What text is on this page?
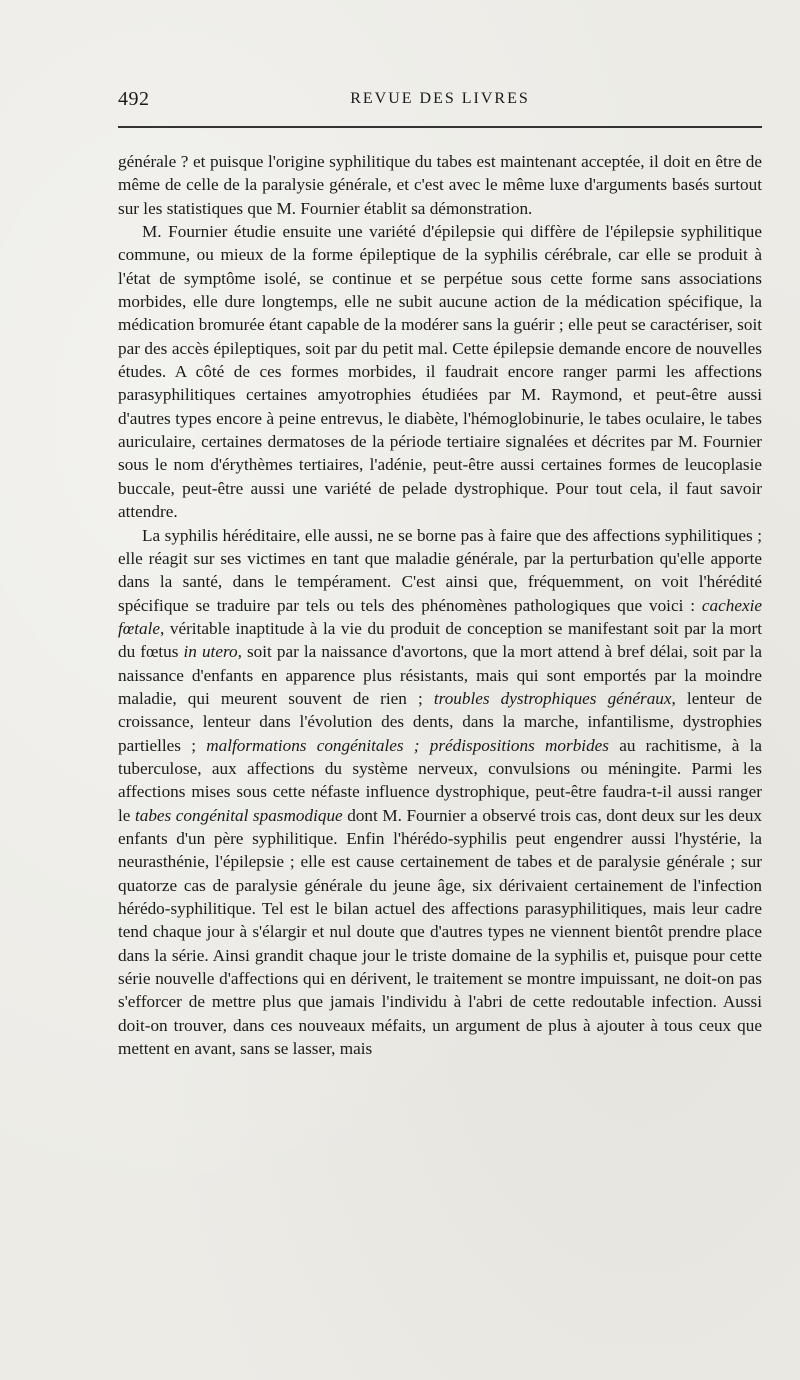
492	REVUE DES LIVRES

générale ? et puisque l'origine syphilitique du tabes est maintenant acceptée, il doit en être de même de celle de la paralysie générale, et c'est avec le même luxe d'arguments basés surtout sur les statistiques que M. Fournier établit sa démonstration.

M. Fournier étudie ensuite une variété d'épilepsie qui diffère de l'épilepsie syphilitique commune, ou mieux de la forme épileptique de la syphilis cérébrale, car elle se produit à l'état de symptôme isolé, se continue et se perpétue sous cette forme sans associations morbides, elle dure longtemps, elle ne subit aucune action de la médication spécifique, la médication bromurée étant capable de la modérer sans la guérir ; elle peut se caractériser, soit par des accès épileptiques, soit par du petit mal. Cette épilepsie demande encore de nouvelles études. A côté de ces formes morbides, il faudrait encore ranger parmi les affections parasyphilitiques certaines amyotrophies étudiées par M. Raymond, et peut-être aussi d'autres types encore à peine entrevus, le diabète, l'hémoglobinurie, le tabes oculaire, le tabes auriculaire, certaines dermatoses de la période tertiaire signalées et décrites par M. Fournier sous le nom d'érythèmes tertiaires, l'adénie, peut-être aussi certaines formes de leucoplasie buccale, peut-être aussi une variété de pelade dystrophique. Pour tout cela, il faut savoir attendre.

La syphilis héréditaire, elle aussi, ne se borne pas à faire que des affections syphilitiques ; elle réagit sur ses victimes en tant que maladie générale, par la perturbation qu'elle apporte dans la santé, dans le tempérament. C'est ainsi que, fréquemment, on voit l'hérédité spécifique se traduire par tels ou tels des phénomènes pathologiques que voici : cachexie fœtale, véritable inaptitude à la vie du produit de conception se manifestant soit par la mort du fœtus in utero, soit par la naissance d'avortons, que la mort attend à bref délai, soit par la naissance d'enfants en apparence plus résistants, mais qui sont emportés par la moindre maladie, qui meurent souvent de rien ; troubles dystrophiques généraux, lenteur de croissance, lenteur dans l'évolution des dents, dans la marche, infantilisme, dystrophies partielles ; malformations congénitales ; prédispositions morbides au rachitisme, à la tuberculose, aux affections du système nerveux, convulsions ou méningite. Parmi les affections mises sous cette néfaste influence dystrophique, peut-être faudra-t-il aussi ranger le tabes congénital spasmodique dont M. Fournier a observé trois cas, dont deux sur les deux enfants d'un père syphilitique. Enfin l'hérédo-syphilis peut engendrer aussi l'hystérie, la neurasthénie, l'épilepsie ; elle est cause certainement de tabes et de paralysie générale ; sur quatorze cas de paralysie générale du jeune âge, six dérivaient certainement de l'infection hérédo-syphilitique. Tel est le bilan actuel des affections parasyphilitiques, mais leur cadre tend chaque jour à s'élargir et nul doute que d'autres types ne viennent bientôt prendre place dans la série. Ainsi grandit chaque jour le triste domaine de la syphilis et, puisque pour cette série nouvelle d'affections qui en dérivent, le traitement se montre impuissant, ne doit-on pas s'efforcer de mettre plus que jamais l'individu à l'abri de cette redoutable infection. Aussi doit-on trouver, dans ces nouveaux méfaits, un argument de plus à ajouter à tous ceux que mettent en avant, sans se lasser, mais
